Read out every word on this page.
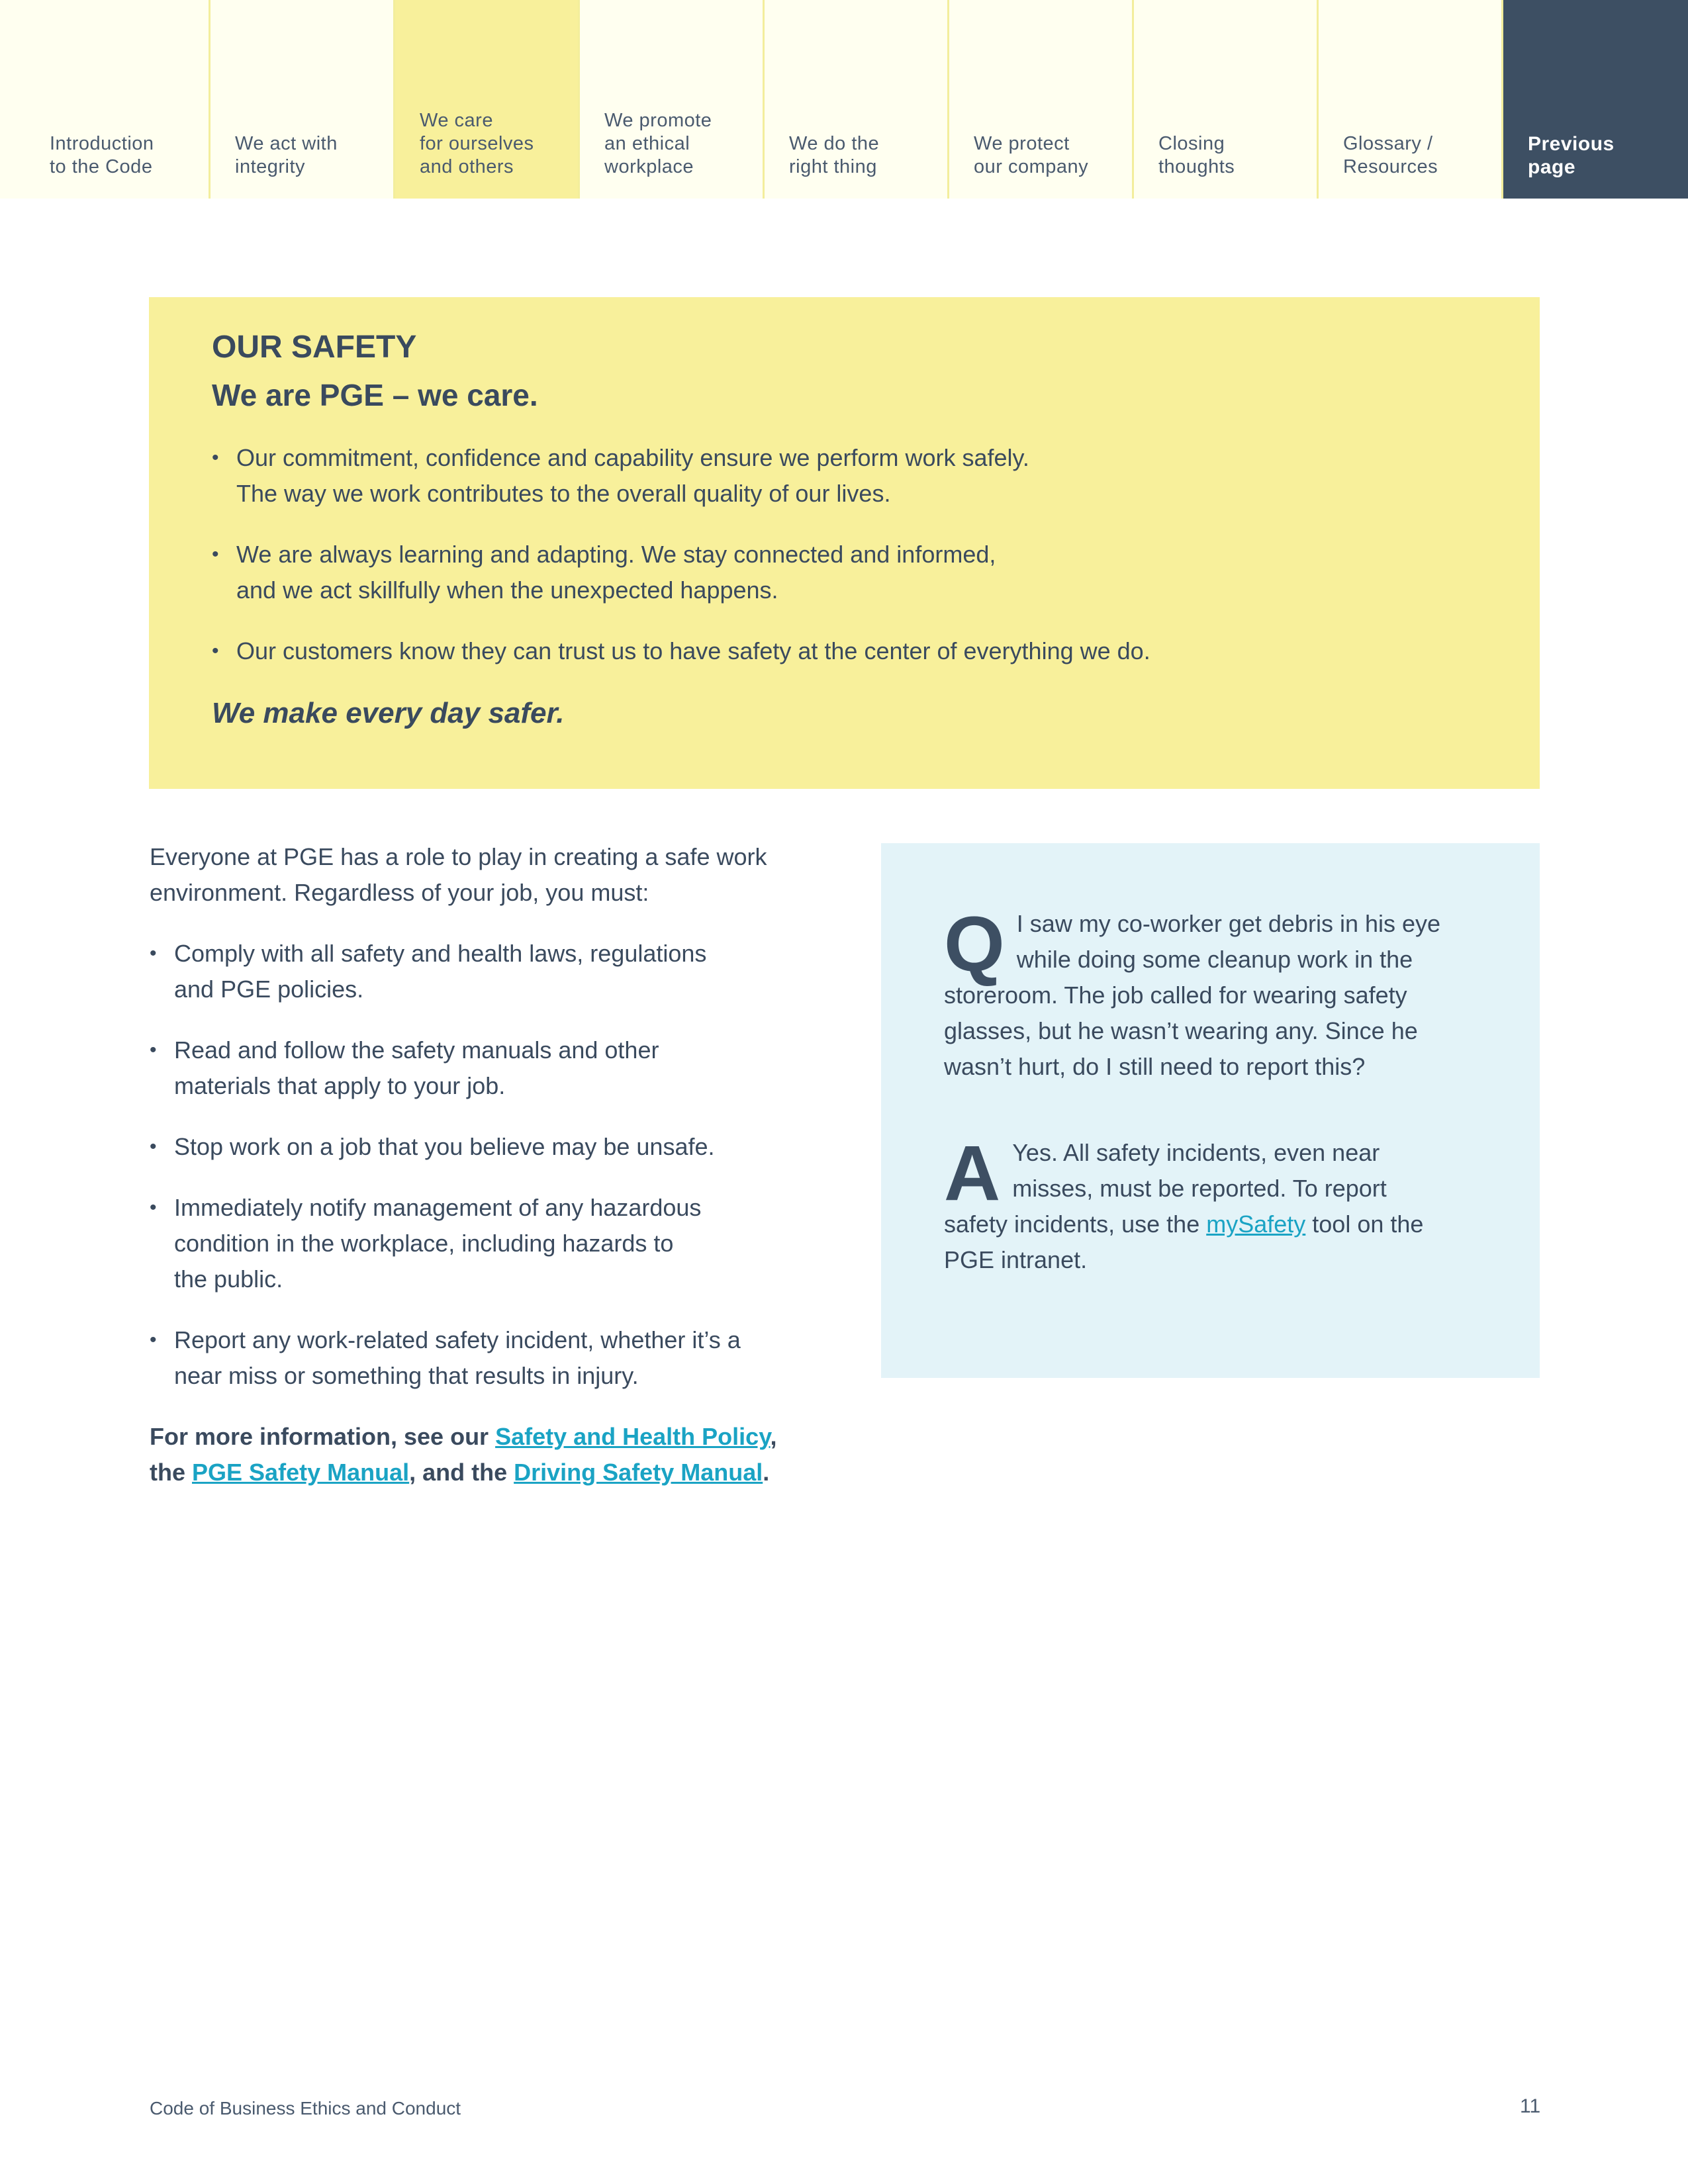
Introduction
to the Code
We act with
integrity
We care
for ourselves
and others
We promote
an ethical
workplace
We do the
right thing
We protect
our company
Closing
thoughts
Glossary /
Resources
Previous
page
OUR SAFETY
We are PGE – we care.
• Our commitment, confidence and capability ensure we perform work safely.
The way we work contributes to the overall quality of our lives.
• We are always learning and adapting. We stay connected and informed,
and we act skillfully when the unexpected happens.
• Our customers know they can trust us to have safety at the center of everything we do.

We make every day safer.

Everyone at PGE has a role to play in creating a safe work
environment. Regardless of your job, you must:

• Comply with all safety and health laws, regulations
and PGE policies.
• Read and follow the safety manuals and other
materials that apply to your job.
• Stop work on a job that you believe may be unsafe.
• Immediately notify management of any hazardous
condition in the workplace, including hazards to
the public.
• Report any work-related safety incident, whether it’s a
near miss or something that results in injury.

For more information, see our Safety and Health Policy,
the PGE Safety Manual, and the Driving Safety Manual.

Q I saw my co-worker get debris in his eye
while doing some cleanup work in the
storeroom. The job called for wearing safety
glasses, but he wasn’t wearing any. Since he
wasn’t hurt, do I still need to report this?
A Yes. All safety incidents, even near
misses, must be reported. To report
safety incidents, use the mySafety tool on the
PGE intranet.
Code of Business Ethics and Conduct	11
